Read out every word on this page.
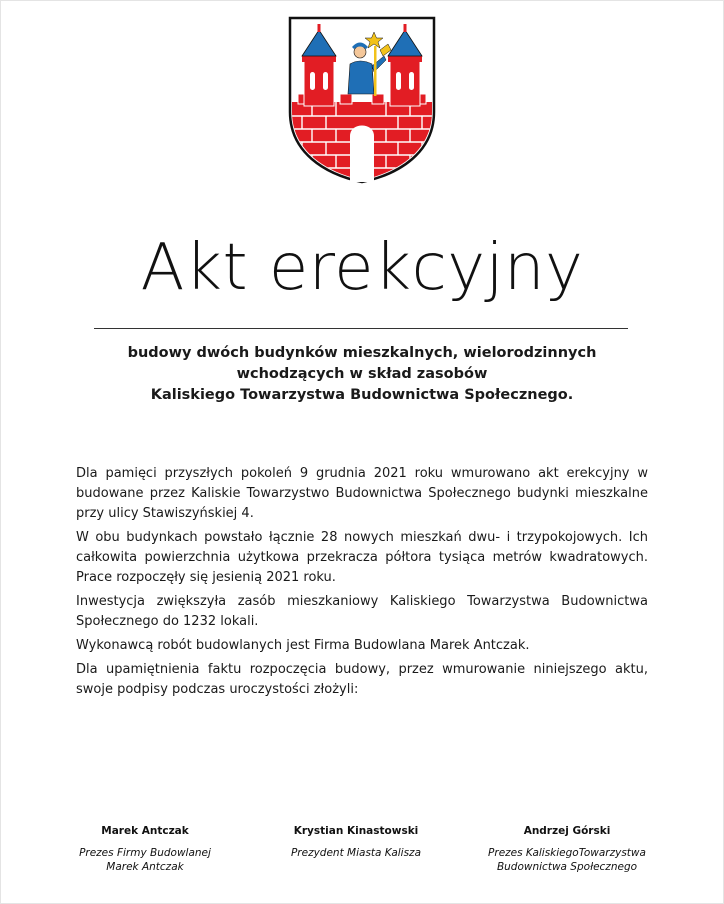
Akt erekcyjny
budowy dwóch budynków mieszkalnych, wielorodzinnych
wchodzących w skład zasobów
Kaliskiego Towarzystwa Budownictwa Społecznego.

Dla pamięci przyszłych pokoleń 9 grudnia 2021 roku wmurowano akt erekcyjny w budowane przez Kaliskie Towarzystwo Budownictwa Społecznego budynki mieszkalne przy ulicy Stawiszyńskiej 4.

W obu budynkach powstało łącznie 28 nowych mieszkań dwu- i trzypokojowych. Ich całkowita powierzchnia użytkowa przekracza półtora tysiąca metrów kwadratowych. Prace rozpoczęły się jesienią 2021 roku.

Inwestycja zwiększyła zasób mieszkaniowy Kaliskiego Towarzystwa Budownictwa Społecznego do 1232 lokali.

Wykonawcą robót budowlanych jest Firma Budowlana Marek Antczak.

Dla upamiętnienia faktu rozpoczęcia budowy, przez wmurowanie niniejszego aktu, swoje podpisy podczas uroczystości złożyli:

Marek Antczak
Prezes Firmy Budowlanej
Marek Antczak
Krystian Kinastowski
Prezydent Miasta Kalisza
Andrzej Górski
Prezes KaliskiegoTowarzystwa
Budownictwa Społecznego
